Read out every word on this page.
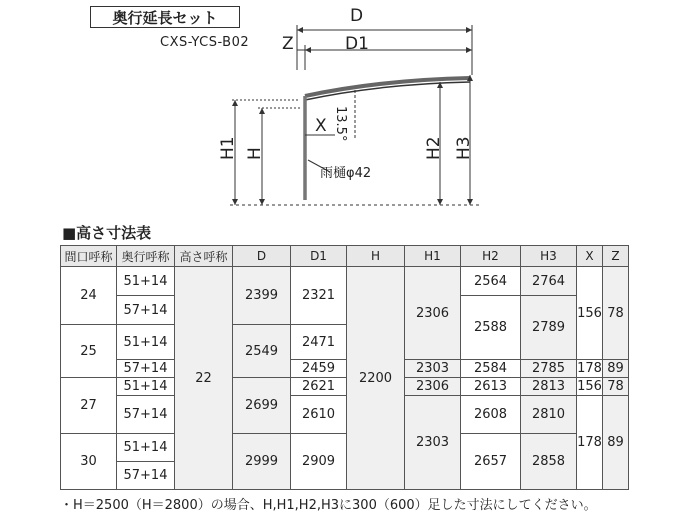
奥行延長セット
CXS-YCS-B02
D
D1
Z
X 13.5°
H1 H	H2 H3
雨樋φ42
■高さ寸法表
間口呼称	奥行呼称	高さ呼称	D	D1	H	H1	H2	H3	X	Z
24	51+14	22	2399	2321	2200	2306	2564	2764	156	78
	57+14						2588	2789		
25	51+14		2549	2471						
	57+14			2459		2303	2584	2785	178	89
27	51+14		2699	2621		2306	2613	2813	156	78
	57+14			2610		2303	2608	2810	178	89
30	51+14		2999	2909			2657	2858		
	57+14									
・H＝2500（H＝2800）の場合、H,H1,H2,H3に300（600）足した寸法にしてください。
